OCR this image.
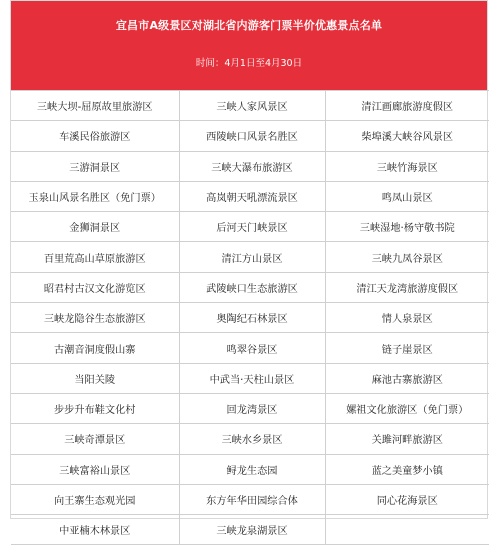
宜昌市A级景区对湖北省内游客门票半价优惠景点名单
时间：4月1日至4月30日
三峡大坝-屈原故里旅游区	三峡人家风景区	清江画廊旅游度假区
车溪民俗旅游区	西陵峡口风景名胜区	柴埠溪大峡谷风景区
三游洞景区	三峡大瀑布旅游区	三峡竹海景区
玉泉山风景名胜区（免门票）	高岚朝天吼漂流景区	鸣凤山景区
金狮洞景区	后河天门峡景区	三峡湿地·杨守敬书院
百里荒高山草原旅游区	清江方山景区	三峡九凤谷景区
昭君村古汉文化游览区	武陵峡口生态旅游区	清江天龙湾旅游度假区
三峡龙隐谷生态旅游区	奥陶纪石林景区	情人泉景区
古潮音洞度假山寨	鸣翠谷景区	链子崖景区
当阳关陵	中武当·天柱山景区	麻池古寨旅游区
步步升布鞋文化村	回龙湾景区	嫘祖文化旅游区（免门票）
三峡奇潭景区	三峡水乡景区	关雎河畔旅游区
三峡富裕山景区	鲟龙生态园	蓝之美童梦小镇
向王寨生态观光园	东方年华田园综合体	同心花海景区
中亚楠木林景区	三峡龙泉湖景区	
